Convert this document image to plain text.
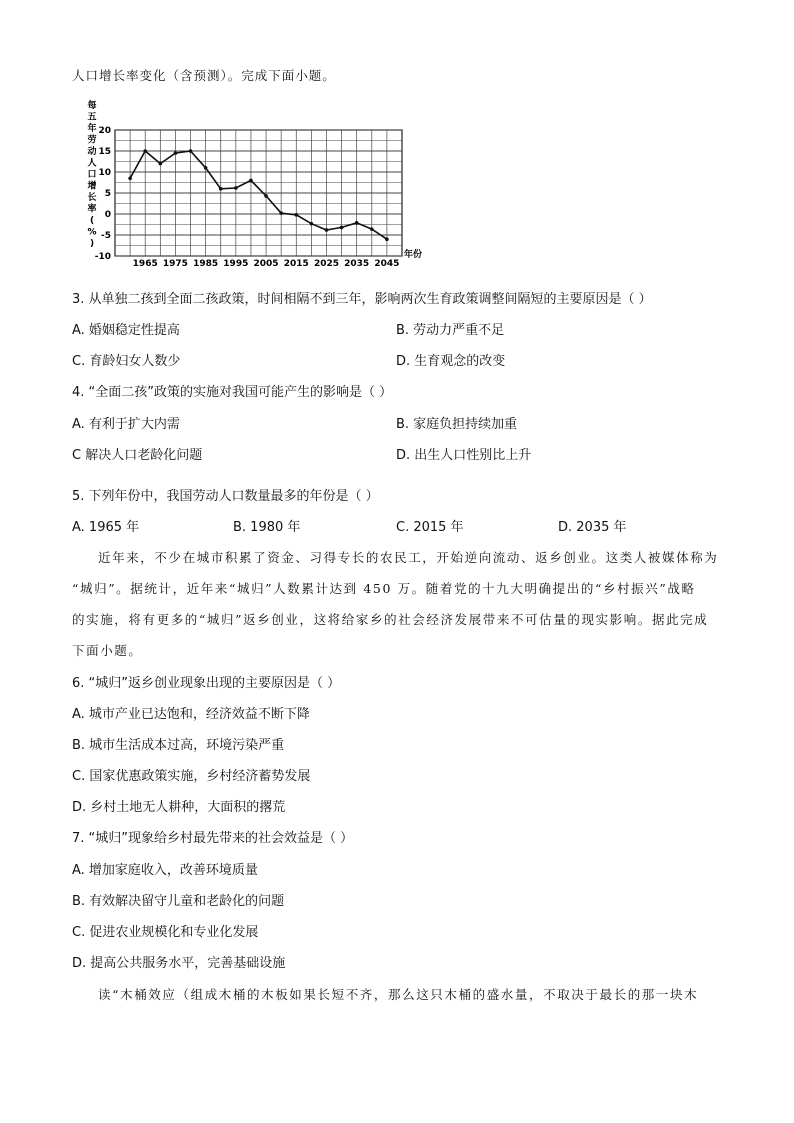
人口增长率变化（含预测）。完成下面小题。
每
五
年
劳
动
人
口
增
长
率
(
%
)
20
15
10
5
0
-5
-10
1965 1975 1985 1995 2005 2015 2025 2035 2045
年份
3. 从单独二孩到全面二孩政策，时间相隔不到三年，影响两次生育政策调整间隔短的主要原因是（ ）
A. 婚姻稳定性提高	B. 劳动力严重不足
C. 育龄妇女人数少	D. 生育观念的改变
4. “全面二孩”政策的实施对我国可能产生的影响是（ ）
A. 有利于扩大内需	B. 家庭负担持续加重
C 解决人口老龄化问题	D. 出生人口性别比上升
5. 下列年份中，我国劳动人口数量最多的年份是（ ）
A. 1965 年	B. 1980 年	C. 2015 年	D. 2035 年
近年来，不少在城市积累了资金、习得专长的农民工，开始逆向流动、返乡创业。这类人被媒体称为
“城归”。据统计，近年来“城归”人数累计达到 450 万。随着党的十九大明确提出的“乡村振兴”战略
的实施，将有更多的“城归”返乡创业，这将给家乡的社会经济发展带来不可估量的现实影响。据此完成
下面小题。
6. “城归”返乡创业现象出现的主要原因是（ ）
A. 城市产业已达饱和，经济效益不断下降
B. 城市生活成本过高，环境污染严重
C. 国家优惠政策实施，乡村经济蓄势发展
D. 乡村土地无人耕种，大面积的撂荒
7. “城归”现象给乡村最先带来的社会效益是（ ）
A. 增加家庭收入，改善环境质量
B. 有效解决留守儿童和老龄化的问题
C. 促进农业规模化和专业化发展
D. 提高公共服务水平，完善基础设施
读“木桶效应（组成木桶的木板如果长短不齐，那么这只木桶的盛水量，不取决于最长的那一块木
